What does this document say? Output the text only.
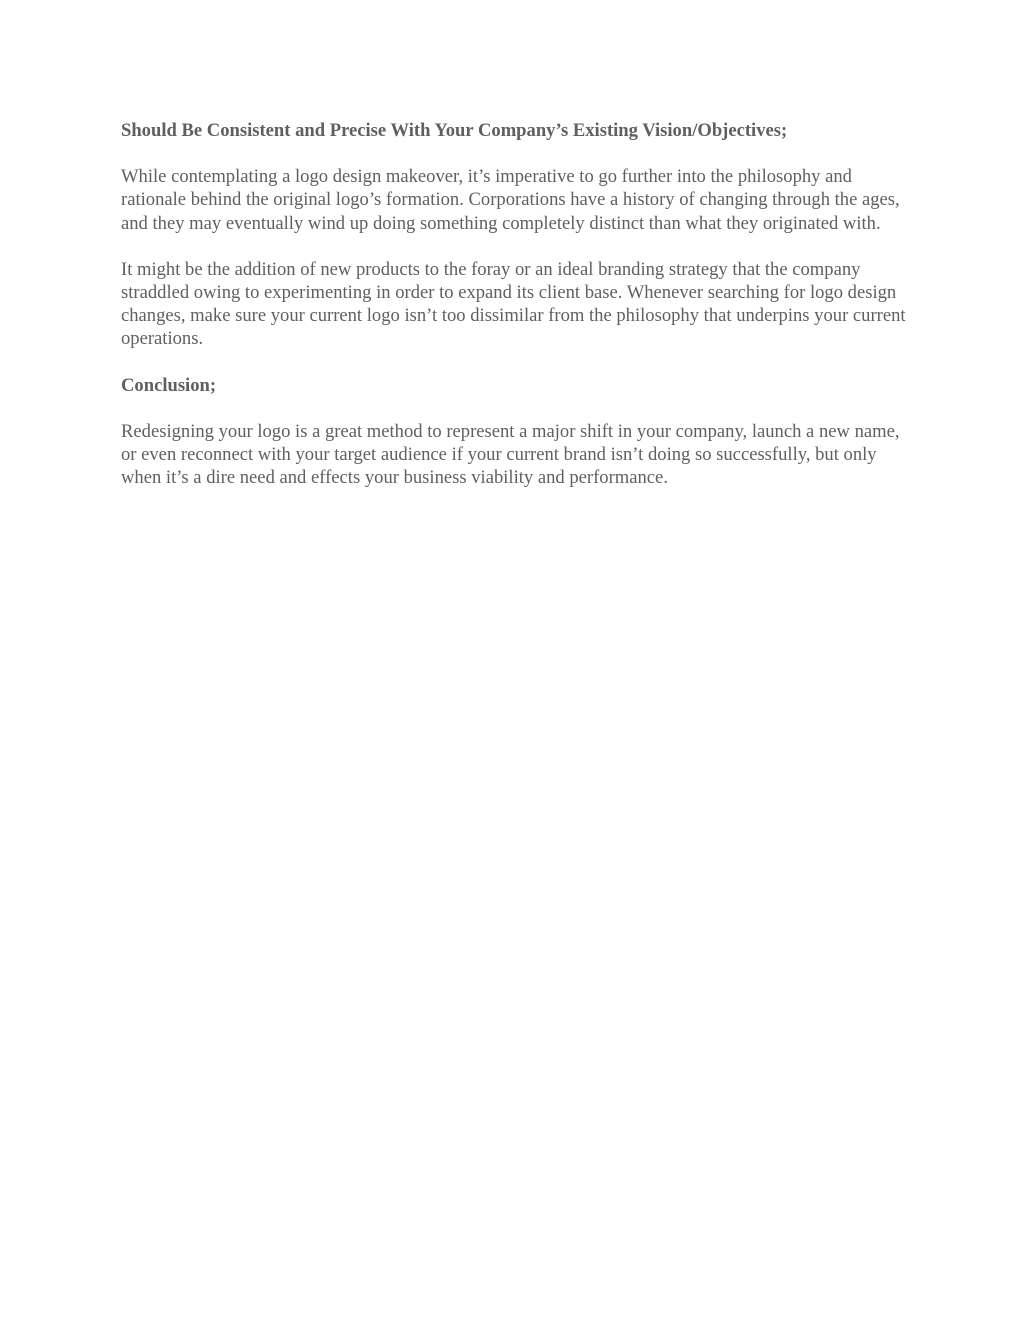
Should Be Consistent and Precise With Your Company’s Existing Vision/Objectives;
While contemplating a logo design makeover, it’s imperative to go further into the philosophy and rationale behind the original logo’s formation. Corporations have a history of changing through the ages, and they may eventually wind up doing something completely distinct than what they originated with.
It might be the addition of new products to the foray or an ideal branding strategy that the company straddled owing to experimenting in order to expand its client base. Whenever searching for logo design changes, make sure your current logo isn’t too dissimilar from the philosophy that underpins your current operations.
Conclusion;
Redesigning your logo is a great method to represent a major shift in your company, launch a new name, or even reconnect with your target audience if your current brand isn’t doing so successfully, but only when it’s a dire need and effects your business viability and performance.
